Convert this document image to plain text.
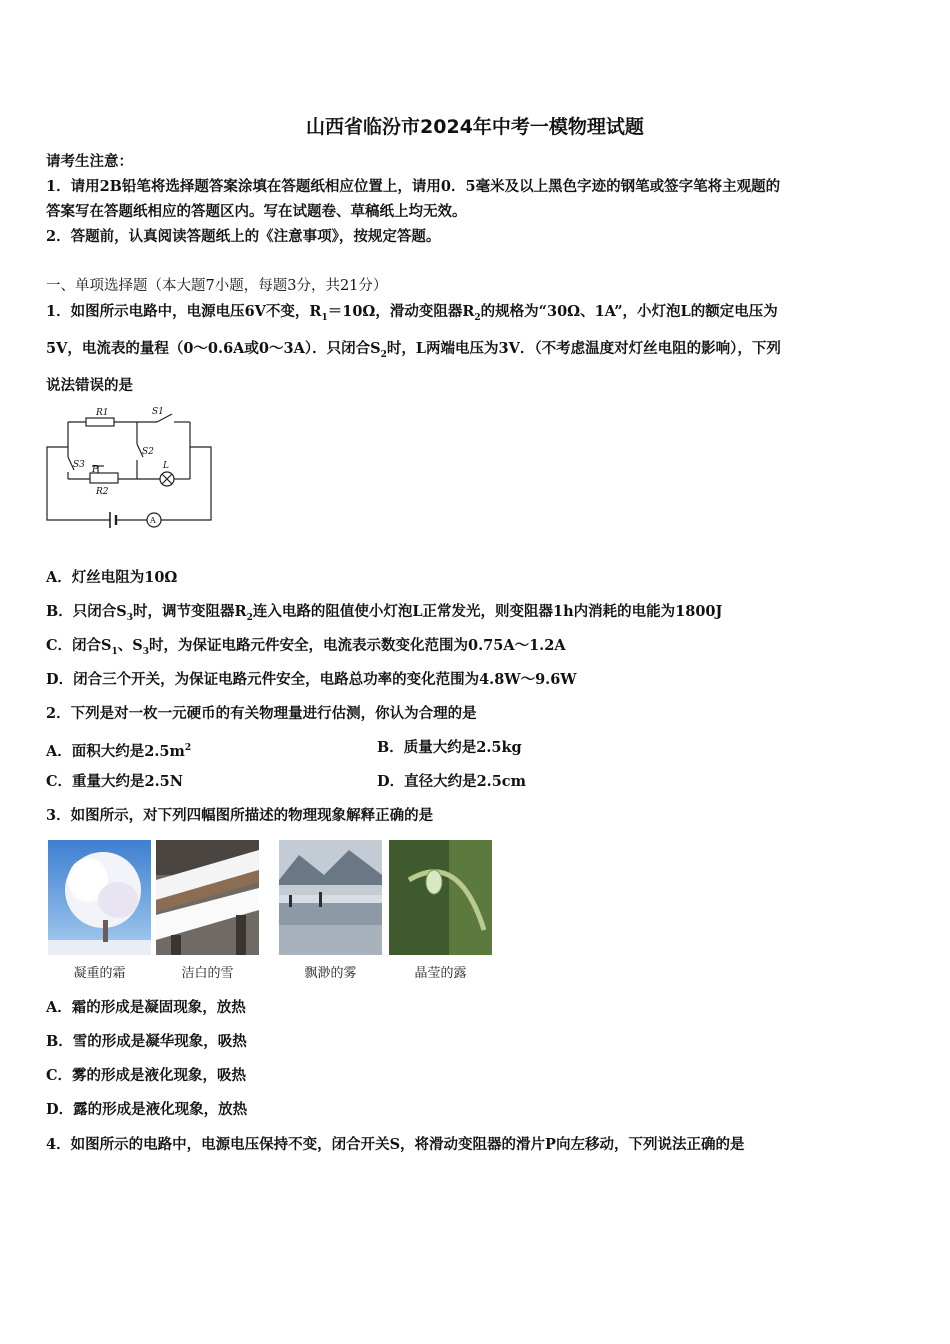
山西省临汾市2024年中考一模物理试题
请考生注意：
1．请用2B铅笔将选择题答案涂填在答题纸相应位置上，请用0．5毫米及以上黑色字迹的钢笔或签字笔将主观题的
答案写在答题纸相应的答题区内。写在试题卷、草稿纸上均无效。
2．答题前，认真阅读答题纸上的《注意事项》，按规定答题。
一、单项选择题（本大题7小题，每题3分，共21分）
1．如图所示电路中，电源电压6V不变，$R_1=10\Omega$，滑动变阻器$R_2$的规格为“30Ω、1A”，小灯泡L的额定电压为
5V，电流表的量程（0～0.6A或0～3A）．只闭合$S_2$时，L两端电压为3V．（不考虑温度对灯丝电阻的影响），下列
说法错误的是
R1	S1
S2
S3 P
R2
L
A
A．灯丝电阻为10Ω
B．只闭合$S_3$时，调节变阻器$R_2$连入电路的阻值使小灯泡L正常发光，则变阻器1h内消耗的电能为1800J
C．闭合$S_1$、$S_3$时，为保证电路元件安全，电流表示数变化范围为0.75A～1.2A
D．闭合三个开关，为保证电路元件安全，电路总功率的变化范围为4.8W～9.6W
2．下列是对一枚一元硬币的有关物理量进行估测，你认为合理的是
A．面积大约是$2.5m^2$	B．质量大约是2.5kg
C．重量大约是2.5N	D．直径大约是2.5cm
3．如图所示，对下列四幅图所描述的物理现象解释正确的是
凝重的霜	洁白的雪	飘渺的雾	晶莹的露
A．霜的形成是凝固现象，放热
B．雪的形成是凝华现象，吸热
C．雾的形成是液化现象，吸热
D．露的形成是液化现象，放热
4．如图所示的电路中，电源电压保持不变，闭合开关S，将滑动变阻器的滑片P向左移动，下列说法正确的是
